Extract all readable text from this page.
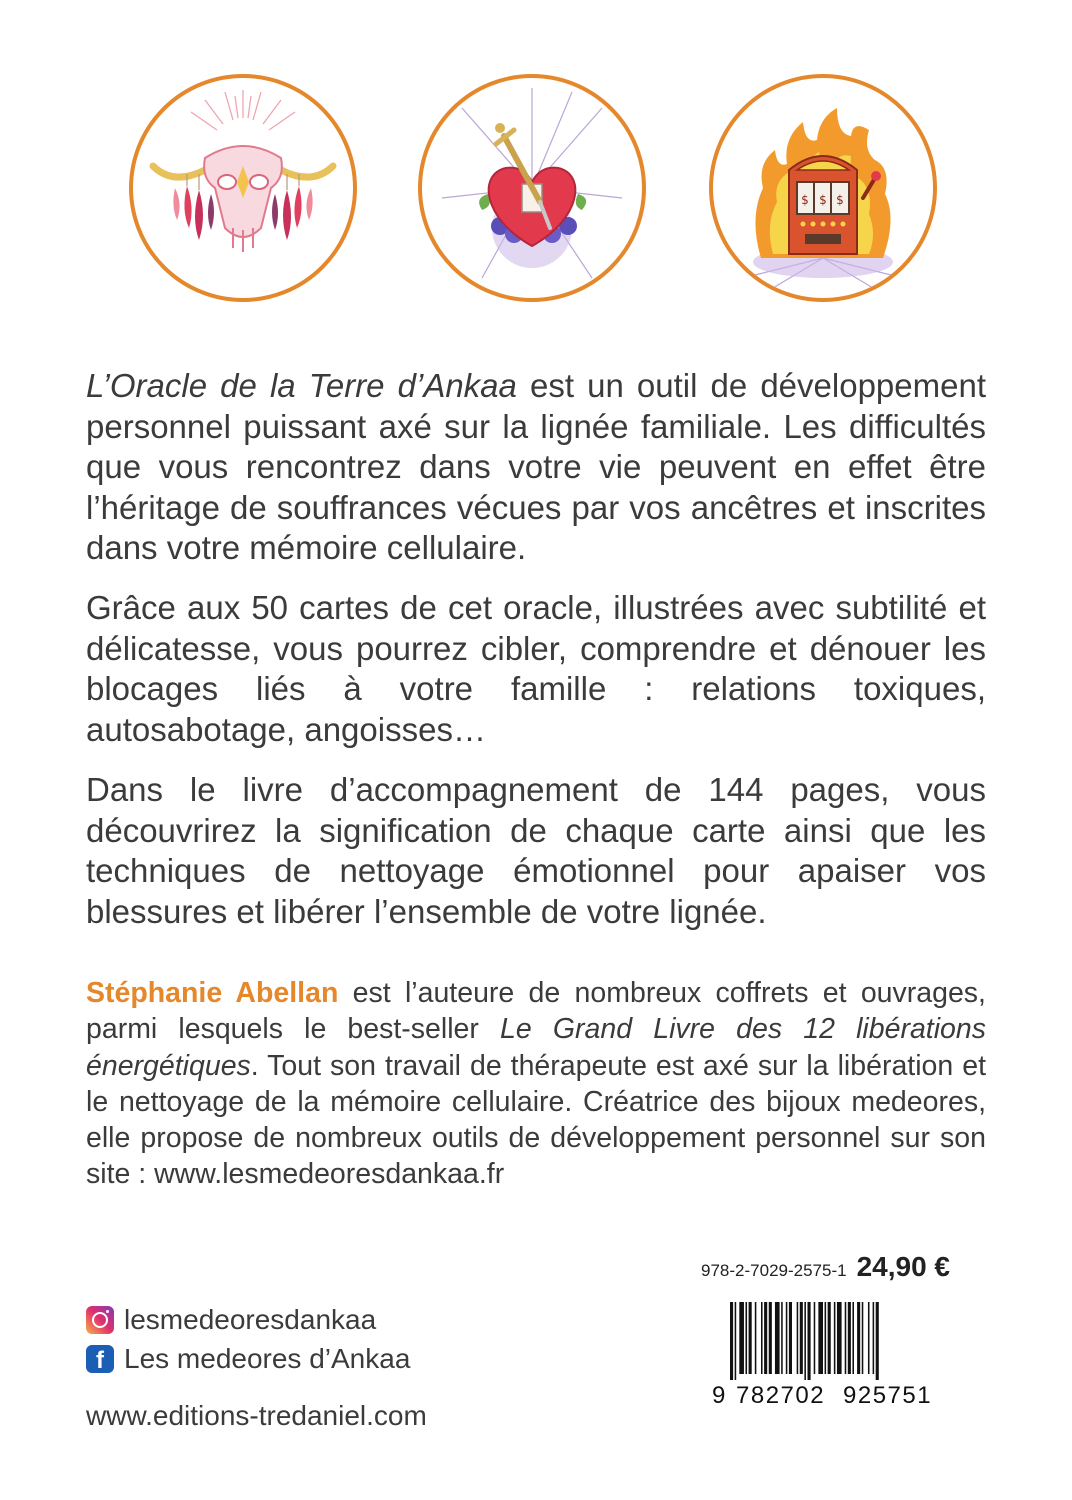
$ $ $

L’Oracle de la Terre d’Ankaa est un outil de développement personnel puissant axé sur la lignée familiale. Les difficultés que vous rencontrez dans votre vie peuvent en effet être l’héritage de souffrances vécues par vos ancêtres et inscrites dans votre mémoire cellulaire.

Grâce aux 50 cartes de cet oracle, illustrées avec subtilité et délicatesse, vous pourrez cibler, comprendre et dénouer les blocages liés à votre famille : relations toxiques, autosabotage, angoisses…

Dans le livre d’accompagnement de 144 pages, vous découvrirez la signification de chaque carte ainsi que les techniques de nettoyage émotionnel pour apaiser vos blessures et libérer l’ensemble de votre lignée.

Stéphanie Abellan est l’auteure de nombreux coffrets et ouvrages, parmi lesquels le best-seller Le Grand Livre des 12 libérations énergétiques. Tout son travail de thérapeute est axé sur la libération et le nettoyage de la mémoire cellulaire. Créatrice des bijoux medeores, elle propose de nombreux outils de développement personnel sur son site : www.lesmedeoresdankaa.fr

lesmedeoresdankaa
f Les medeores d’Ankaa
www.editions-tredaniel.com
978-2-7029-2575-1 24,90 €
9 782702 925751
